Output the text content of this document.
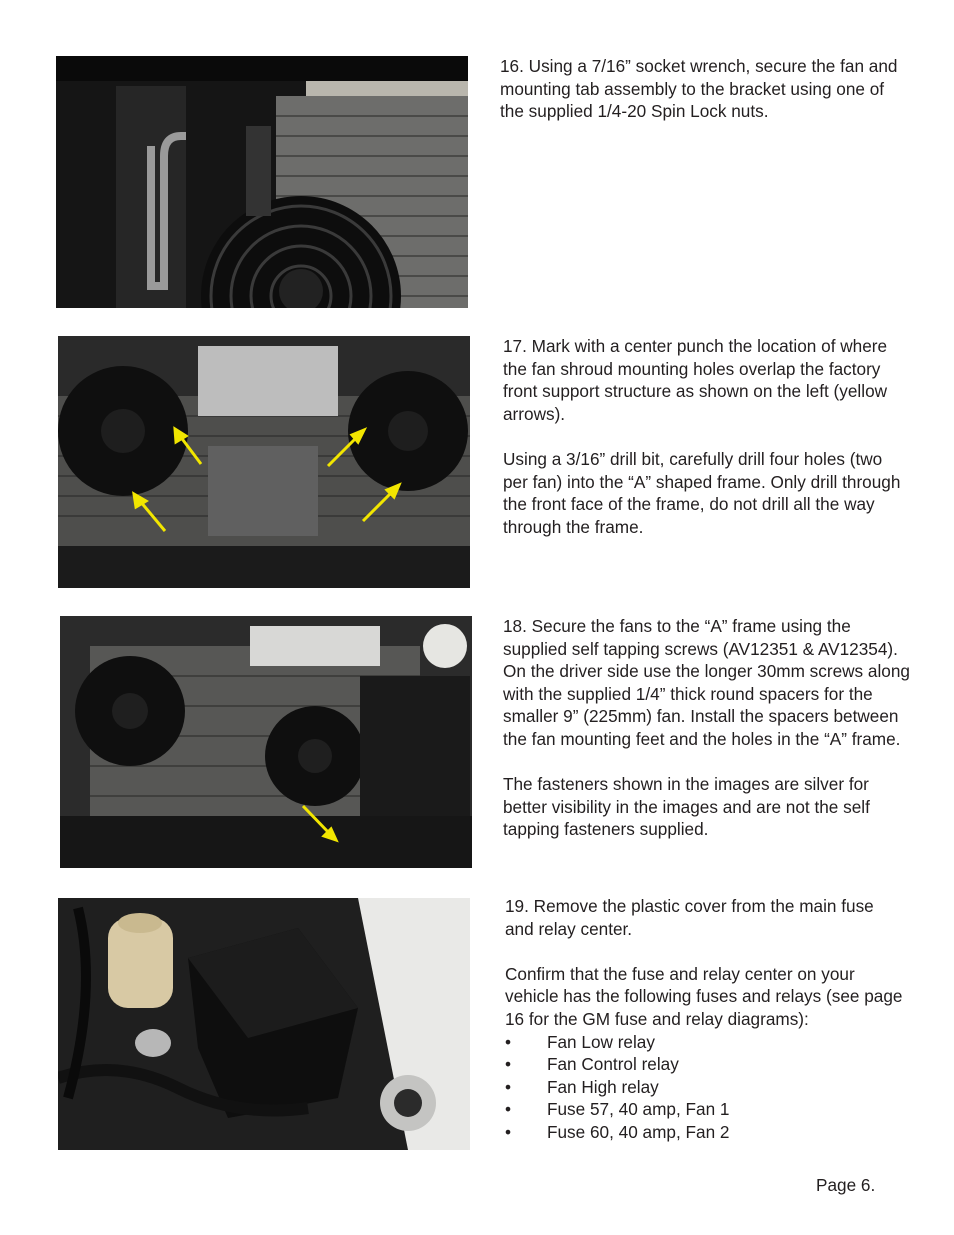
16. Using a 7/16” socket wrench, secure the fan and mounting tab assembly to the bracket using one of the supplied 1/4-20 Spin Lock nuts.

17. Mark with a center punch the location of where the fan shroud mounting holes overlap the factory front support structure as shown on the left (yellow arrows).

Using a 3/16” drill bit, carefully drill four holes (two per fan) into the “A” shaped frame. Only drill through the front face of the frame, do not drill all the way through the frame.

18. Secure the fans to the “A” frame using the supplied self tapping screws (AV12351 & AV12354). On the driver side use the longer 30mm screws along with the supplied 1/4” thick round spacers for the smaller 9” (225mm) fan. Install the spacers between the fan mounting feet and the holes in the “A” frame.

The fasteners shown in the images are silver for better visibility in the images and are not the self tapping fasteners supplied.

19. Remove the plastic cover from the main fuse and relay center.

Confirm that the fuse and relay center on your vehicle has the following fuses and relays (see page 16 for the GM fuse and relay diagrams):

• Fan Low relay
• Fan Control relay
• Fan High relay
• Fuse 57, 40 amp, Fan 1
• Fuse 60, 40 amp, Fan 2
Page 6.
